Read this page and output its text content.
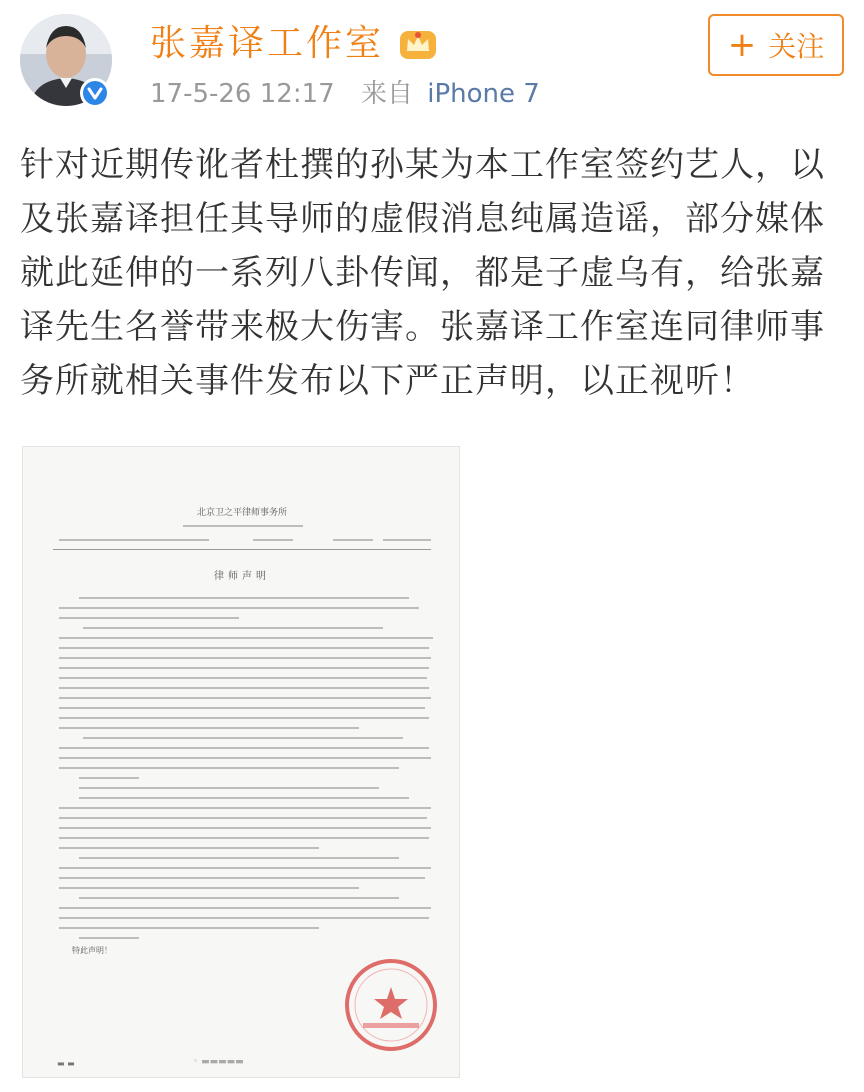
张嘉译工作室
17-5-26 12:17 来自 iPhone 7
+ 关注

针对近期传讹者杜撰的孙某为本工作室签约艺人，以及张嘉译担任其导师的虚假消息纯属造谣，部分媒体就此延伸的一系列八卦传闻，都是子虚乌有，给张嘉译先生名誉带来极大伤害。张嘉译工作室连同律师事务所就相关事件发布以下严正声明，以正视听！

北京卫之平律师事务所
律师声明
特此声明！
▬ ▬	◦ ▬▬▬▬▬
